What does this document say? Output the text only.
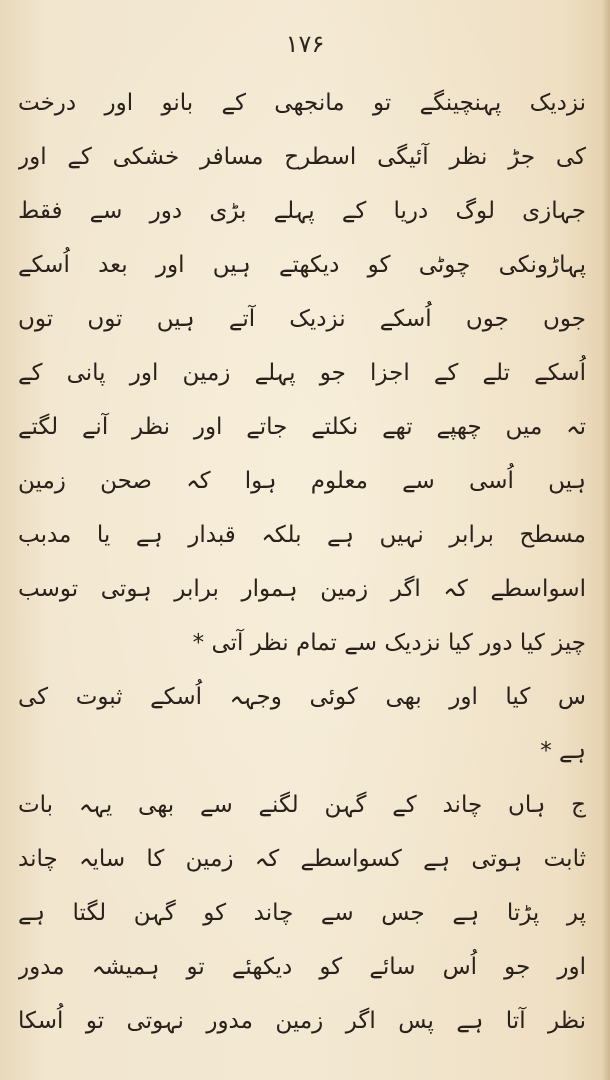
۱۷۶
نزدیک پہنچینگے تو مانجھی کے بانو اور درخت
کی جڑ نظر آئیگی اسطرح مسافر خشکی کے اور
جہازی لوگ دریا کے پہلے بڑی دور سے فقط
پہاڑونکی چوٹی کو دیکھتے ہیں اور بعد اُسکے
جوں جوں اُسکے نزدیک آتے ہیں توں توں
اُسکے تلے کے اجزا جو پہلے زمین اور پانی کے
تہ میں چھپے تھے نکلتے جاتے اور نظر آنے لگتے
ہیں اُسی سے معلوم ہوا کہ صحن زمین
مسطح برابر نہیں ہے بلکہ قبدار ہے یا مدبب
اسواسطے کہ اگر زمین ہموار برابر ہوتی توسب
چیز کیا دور کیا نزدیک سے تمام نظر آتی *
س کیا اور بھی کوئی وجہہ اُسکے ثبوت کی
ہے *
ج ہاں چاند کے گہن لگنے سے بھی یہہ بات
ثابت ہوتی ہے کسواسطے کہ زمین کا سایہ چاند
پر پڑتا ہے جس سے چاند کو گہن لگتا ہے
اور جو اُس سائے کو دیکھئے تو ہمیشہ مدور
نظر آتا ہے پس اگر زمین مدور نہوتی تو اُسکا
